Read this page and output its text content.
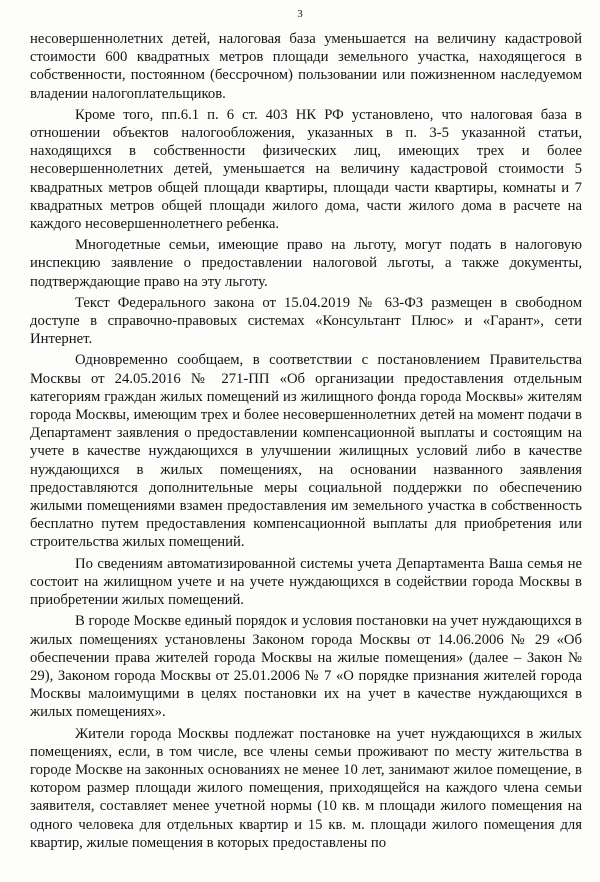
3

несовершеннолетних детей, налоговая база уменьшается на величину кадастровой стоимости 600 квадратных метров площади земельного участка, находящегося в собственности, постоянном (бессрочном) пользовании или пожизненном наследуемом владении налогоплательщиков.

Кроме того, пп.6.1 п. 6 ст. 403 НК РФ установлено, что налоговая база в отношении объектов налогообложения, указанных в п. 3-5 указанной статьи, находящихся в собственности физических лиц, имеющих трех и более несовершеннолетних детей, уменьшается на величину кадастровой стоимости 5 квадратных метров общей площади квартиры, площади части квартиры, комнаты и 7 квадратных метров общей площади жилого дома, части жилого дома в расчете на каждого несовершеннолетнего ребенка.

Многодетные семьи, имеющие право на льготу, могут подать в налоговую инспекцию заявление о предоставлении налоговой льготы, а также документы, подтверждающие право на эту льготу.

Текст Федерального закона от 15.04.2019 № 63-ФЗ размещен в свободном доступе в справочно-правовых системах «Консультант Плюс» и «Гарант», сети Интернет.

Одновременно сообщаем, в соответствии с постановлением Правительства Москвы от 24.05.2016 № 271-ПП «Об организации предоставления отдельным категориям граждан жилых помещений из жилищного фонда города Москвы» жителям города Москвы, имеющим трех и более несовершеннолетних детей на момент подачи в Департамент заявления о предоставлении компенсационной выплаты и состоящим на учете в качестве нуждающихся в улучшении жилищных условий либо в качестве нуждающихся в жилых помещениях, на основании названного заявления предоставляются дополнительные меры социальной поддержки по обеспечению жилыми помещениями взамен предоставления им земельного участка в собственность бесплатно путем предоставления компенсационной выплаты для приобретения или строительства жилых помещений.

По сведениям автоматизированной системы учета Департамента Ваша семья не состоит на жилищном учете и на учете нуждающихся в содействии города Москвы в приобретении жилых помещений.

В городе Москве единый порядок и условия постановки на учет нуждающихся в жилых помещениях установлены Законом города Москвы от 14.06.2006 № 29 «Об обеспечении права жителей города Москвы на жилые помещения» (далее – Закон № 29), Законом города Москвы от 25.01.2006 № 7 «О порядке признания жителей города Москвы малоимущими в целях постановки их на учет в качестве нуждающихся в жилых помещениях».

Жители города Москвы подлежат постановке на учет нуждающихся в жилых помещениях, если, в том числе, все члены семьи проживают по месту жительства в городе Москве на законных основаниях не менее 10 лет, занимают жилое помещение, в котором размер площади жилого помещения, приходящейся на каждого члена семьи заявителя, составляет менее учетной нормы (10 кв. м площади жилого помещения на одного человека для отдельных квартир и 15 кв. м. площади жилого помещения для квартир, жилые помещения в которых предоставлены по
